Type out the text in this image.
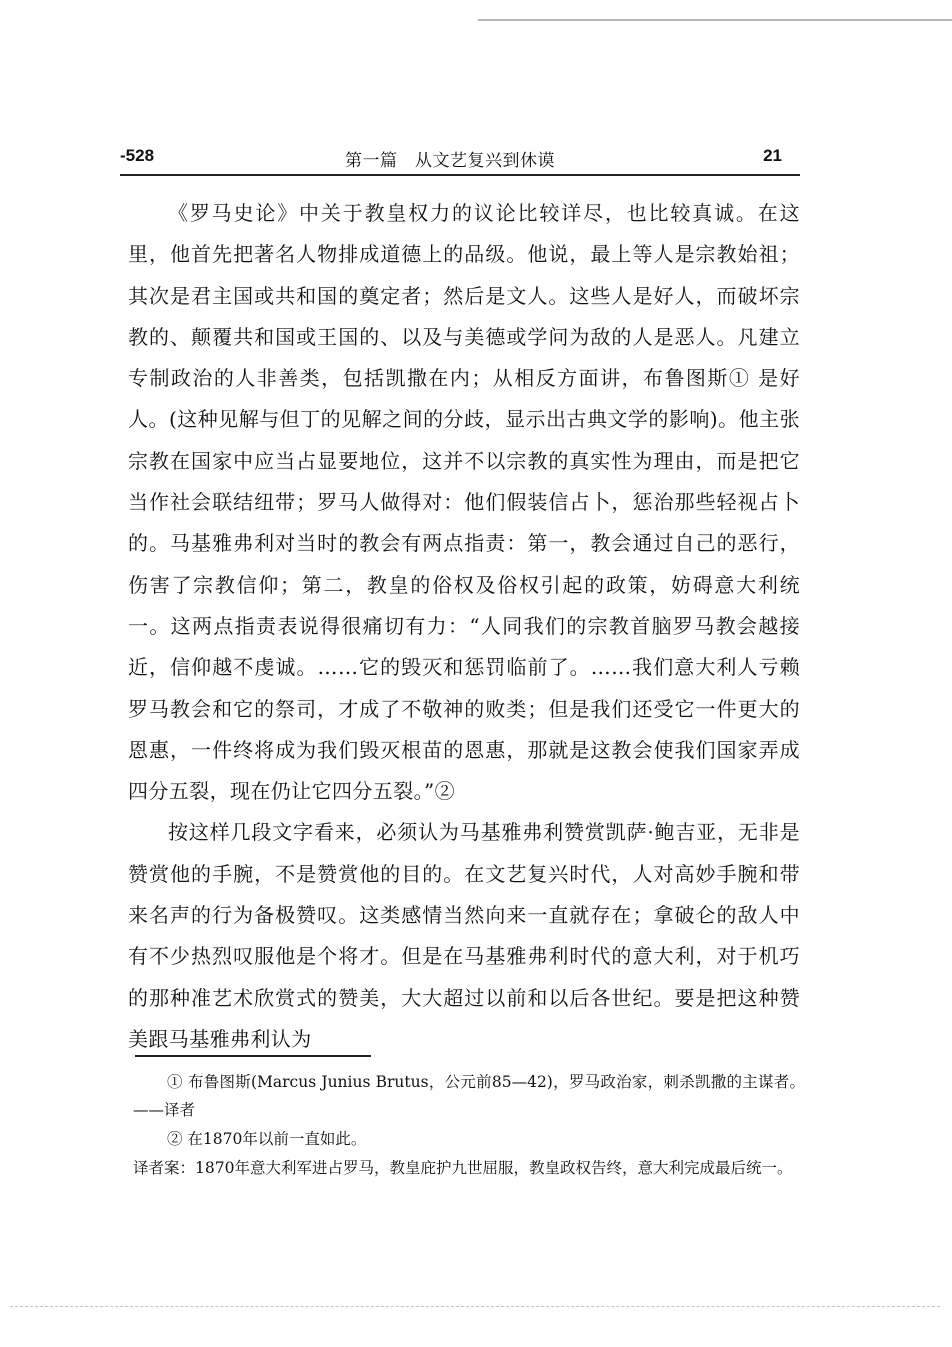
-528	第一篇　从文艺复兴到休谟	21

《罗马史论》中关于教皇权力的议论比较详尽，也比较真诚。在这里，他首先把著名人物排成道德上的品级。他说，最上等人是宗教始祖；其次是君主国或共和国的奠定者；然后是文人。这些人是好人，而破坏宗教的、颠覆共和国或王国的、以及与美德或学问为敌的人是恶人。凡建立专制政治的人非善类，包括凯撒在内；从相反方面讲，布鲁图斯① 是好人。(这种见解与但丁的见解之间的分歧，显示出古典文学的影响)。他主张宗教在国家中应当占显要地位，这并不以宗教的真实性为理由，而是把它当作社会联结纽带；罗马人做得对：他们假装信占卜，惩治那些轻视占卜的。马基雅弗利对当时的教会有两点指责：第一，教会通过自己的恶行，伤害了宗教信仰；第二，教皇的俗权及俗权引起的政策，妨碍意大利统一。这两点指责表说得很痛切有力：“人同我们的宗教首脑罗马教会越接近，信仰越不虔诚。……它的毁灭和惩罚临前了。……我们意大利人亏赖罗马教会和它的祭司，才成了不敬神的败类；但是我们还受它一件更大的恩惠，一件终将成为我们毁灭根苗的恩惠，那就是这教会使我们国家弄成四分五裂，现在仍让它四分五裂。”②

按这样几段文字看来，必须认为马基雅弗利赞赏凯萨·鲍吉亚，无非是赞赏他的手腕，不是赞赏他的目的。在文艺复兴时代，人对高妙手腕和带来名声的行为备极赞叹。这类感情当然向来一直就存在；拿破仑的敌人中有不少热烈叹服他是个将才。但是在马基雅弗利时代的意大利，对于机巧的那种准艺术欣赏式的赞美，大大超过以前和以后各世纪。要是把这种赞美跟马基雅弗利认为

① 布鲁图斯(Marcus Junius Brutus，公元前85—42)，罗马政治家，刺杀凯撒的主谋者。——译者

② 在1870年以前一直如此。

译者案：1870年意大利军进占罗马，教皇庇护九世屈服，教皇政权告终，意大利完成最后统一。
